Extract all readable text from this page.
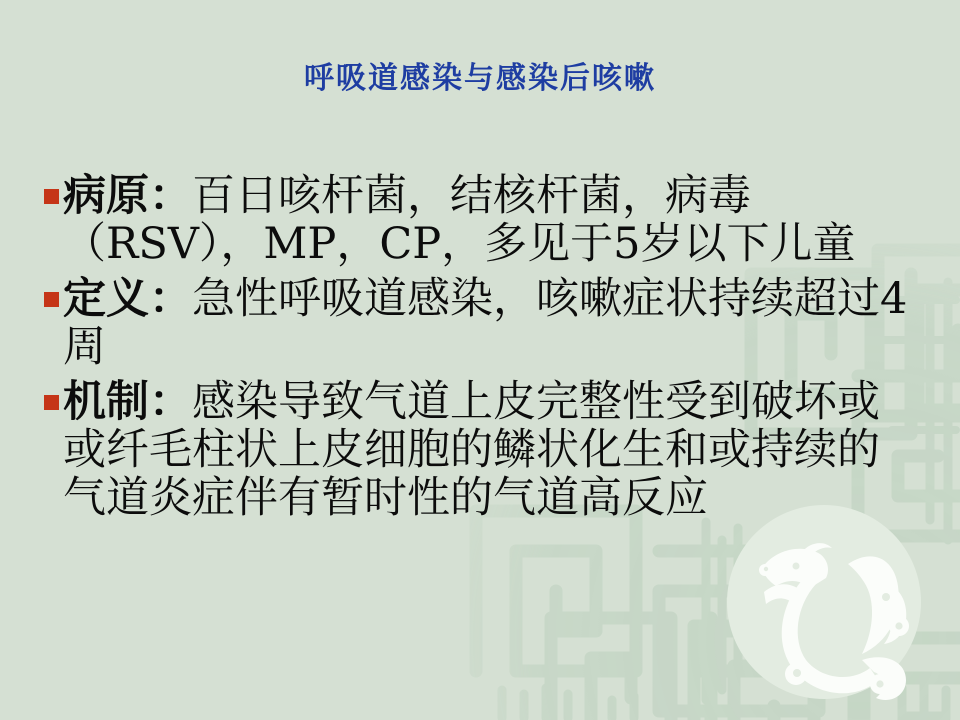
呼吸道感染与感染后咳嗽
病原：百日咳杆菌，结核杆菌，病毒（RSV），MP，CP，多见于5岁以下儿童
定义：急性呼吸道感染，咳嗽症状持续超过4周
机制：感染导致气道上皮完整性受到破坏或或纤毛柱状上皮细胞的鳞状化生和或持续的气道炎症伴有暂时性的气道高反应
